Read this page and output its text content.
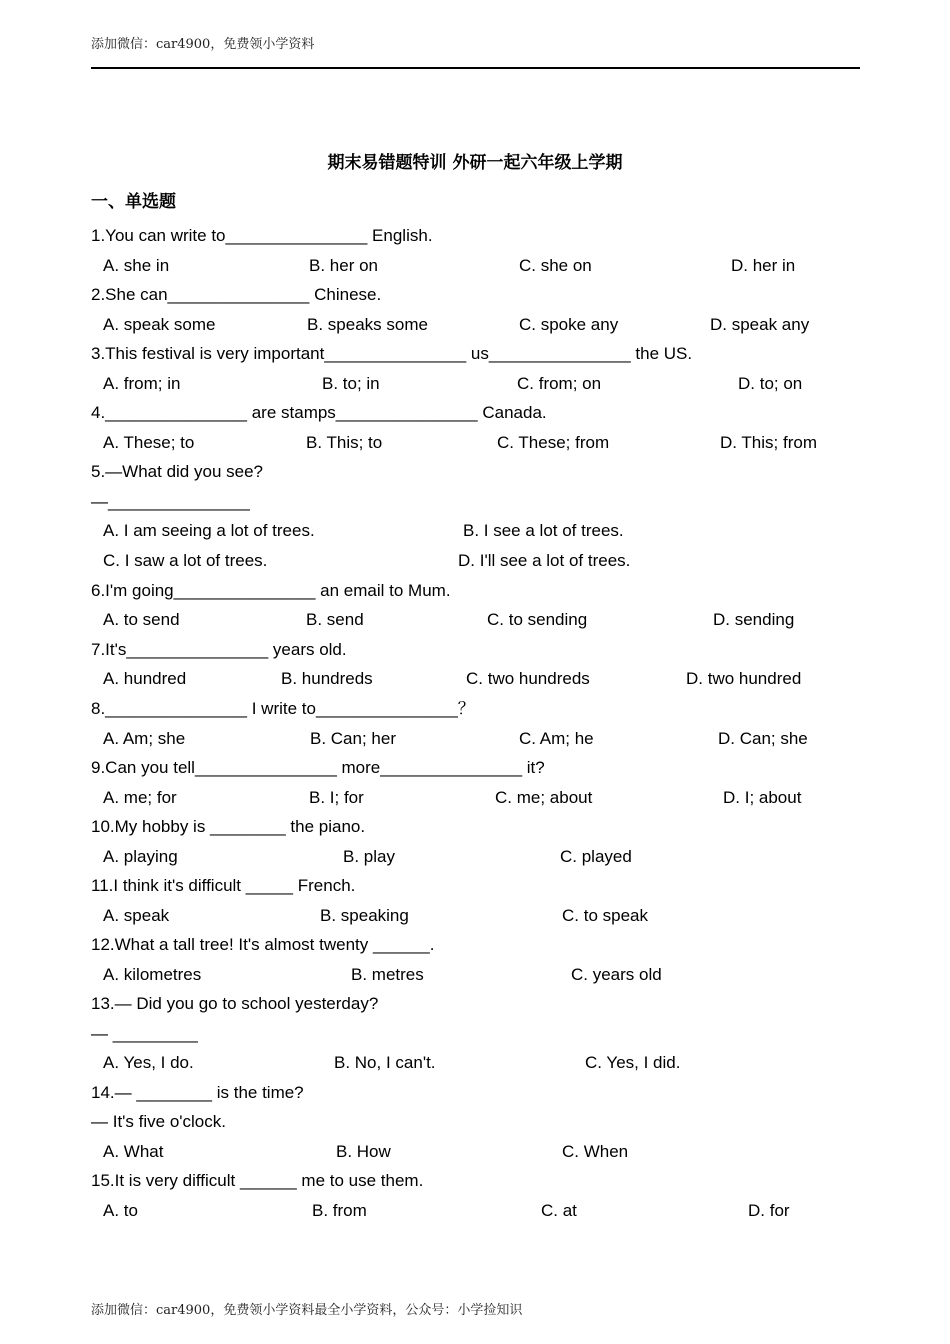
添加微信：car4900，免费领小学资料
期末易错题特训 外研一起六年级上学期
一、单选题
1.You can write to_______________ English.
A. she in	B. her on	C. she on	D. her in
2.She can_______________ Chinese.
A. speak some	B. speaks some	C. spoke any	D. speak any
3.This festival is very important_______________ us_______________ the US.
A. from; in	B. to; in	C. from; on	D. to; on
4._______________ are stamps_______________ Canada.
A. These; to	B. This; to	C. These; from	D. This; from
5.—What did you see?
—_______________
A. I am seeing a lot of trees.	B. I see a lot of trees.
C. I saw a lot of trees.	D. I'll see a lot of trees.
6.I'm going_______________ an email to Mum.
A. to send	B. send	C. to sending	D. sending
7.It's_______________ years old.
A. hundred	B. hundreds	C. two hundreds	D. two hundred
8._______________ I write to_______________？
A. Am; she	B. Can; her	C. Am; he	D. Can; she
9.Can you tell_______________ more_______________ it?
A. me; for	B. I; for	C. me; about	D. I; about
10.My hobby is ________ the piano.
A. playing	B. play	C. played
11.I think it's difficult _____ French.
A. speak	B. speaking	C. to speak
12.What a tall tree! It's almost twenty ______.
A. kilometres	B. metres	C. years old
13.— Did you go to school yesterday?
— _________
A. Yes, I do.	B. No, I can't.	C. Yes, I did.
14.— ________ is the time?
— It's five o'clock.
A. What	B. How	C. When
15.It is very difficult ______ me to use them.
A. to	B. from	C. at	D. for
添加微信：car4900，免费领小学资料最全小学资料，公众号：小学捡知识
